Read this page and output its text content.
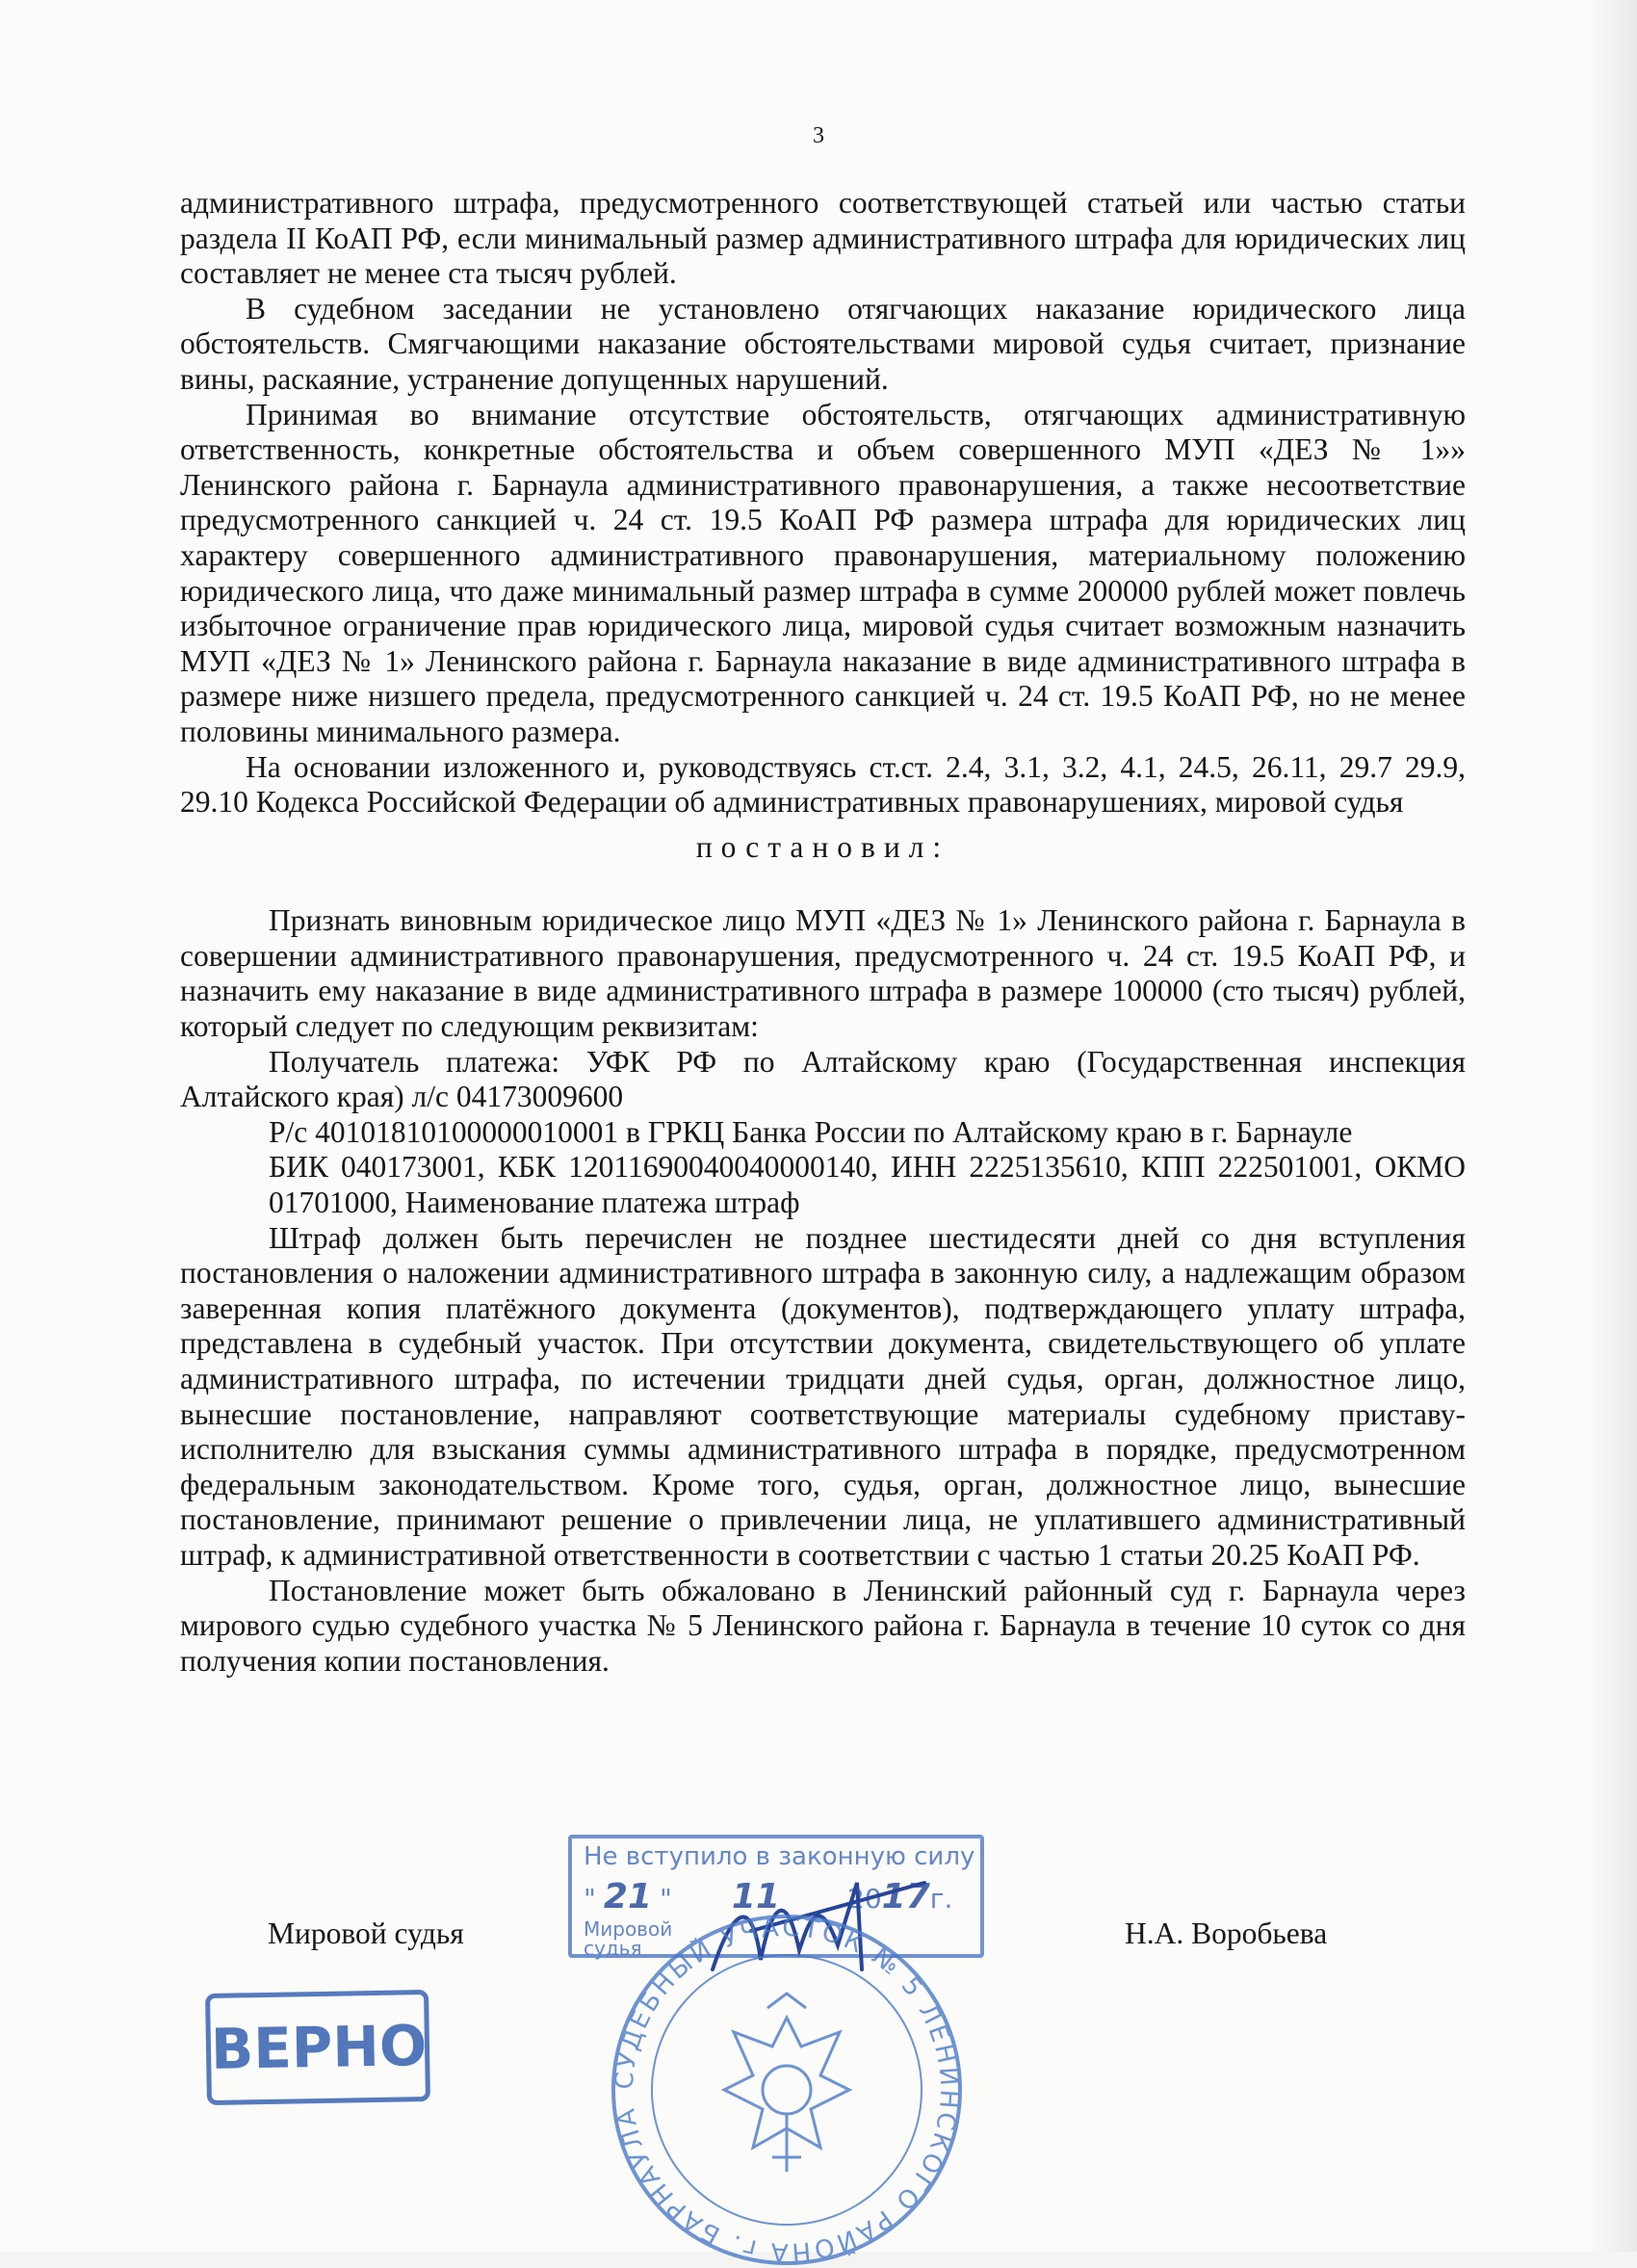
3

административного штрафа, предусмотренного соответствующей статьей или частью статьи раздела II КоАП РФ, если минимальный размер административного штрафа для юридических лиц составляет не менее ста тысяч рублей.

В судебном заседании не установлено отягчающих наказание юридического лица обстоятельств. Смягчающими наказание обстоятельствами мировой судья считает, признание вины, раскаяние, устранение допущенных нарушений.

Принимая во внимание отсутствие обстоятельств, отягчающих административную ответственность, конкретные обстоятельства и объем совершенного МУП «ДЕЗ № 1»» Ленинского района г. Барнаула административного правонарушения, а также несоответствие предусмотренного санкцией ч. 24 ст. 19.5 КоАП РФ размера штрафа для юридических лиц характеру совершенного административного правонарушения, материальному положению юридического лица, что даже минимальный размер штрафа в сумме 200000 рублей может повлечь избыточное ограничение прав юридического лица, мировой судья считает возможным назначить МУП «ДЕЗ № 1» Ленинского района г. Барнаула наказание в виде административного штрафа в размере ниже низшего предела, предусмотренного санкцией ч. 24 ст. 19.5 КоАП РФ, но не менее половины минимального размера.

На основании изложенного и, руководствуясь ст.ст. 2.4, 3.1, 3.2, 4.1, 24.5, 26.11, 29.7 29.9, 29.10 Кодекса Российской Федерации об административных правонарушениях, мировой судья

постановил:

Признать виновным юридическое лицо МУП «ДЕЗ № 1» Ленинского района г. Барнаула в совершении административного правонарушения, предусмотренного ч. 24 ст. 19.5 КоАП РФ, и назначить ему наказание в виде административного штрафа в размере 100000 (сто тысяч) рублей, который следует по следующим реквизитам:

Получатель платежа: УФК РФ по Алтайскому краю (Государственная инспекция Алтайского края) л/с 04173009600

Р/с 40101810100000010001 в ГРКЦ Банка России по Алтайскому краю в г. Барнауле

БИК 040173001, КБК 12011690040040000140, ИНН 2225135610, КПП 222501001, ОКМО 01701000, Наименование платежа штраф

Штраф должен быть перечислен не позднее шестидесяти дней со дня вступления постановления о наложении административного штрафа в законную силу, а надлежащим образом заверенная копия платёжного документа (документов), подтверждающего уплату штрафа, представлена в судебный участок. При отсутствии документа, свидетельствующего об уплате административного штрафа, по истечении тридцати дней судья, орган, должностное лицо, вынесшие постановление, направляют соответствующие материалы судебному приставу-исполнителю для взыскания суммы административного штрафа в порядке, предусмотренном федеральным законодательством. Кроме того, судья, орган, должностное лицо, вынесшие постановление, принимают решение о привлечении лица, не уплатившего административный штраф, к административной ответственности в соответствии с частью 1 статьи 20.25 КоАП РФ.

Постановление может быть обжаловано в Ленинский районный суд г. Барнаула через мирового судью судебного участка № 5 Ленинского района г. Барнаула в течение 10 суток со дня получения копии постановления.

Мировой судья	Н.А. Воробьева
Не вступило в законную силу
" 21 " 11	2017г.
Мировой судья
СУДЕБНЫЙ УЧАСТОК № 5 ЛЕНИНСКОГО РАЙОНА г. БАРНАУЛА
ВЕРНО
